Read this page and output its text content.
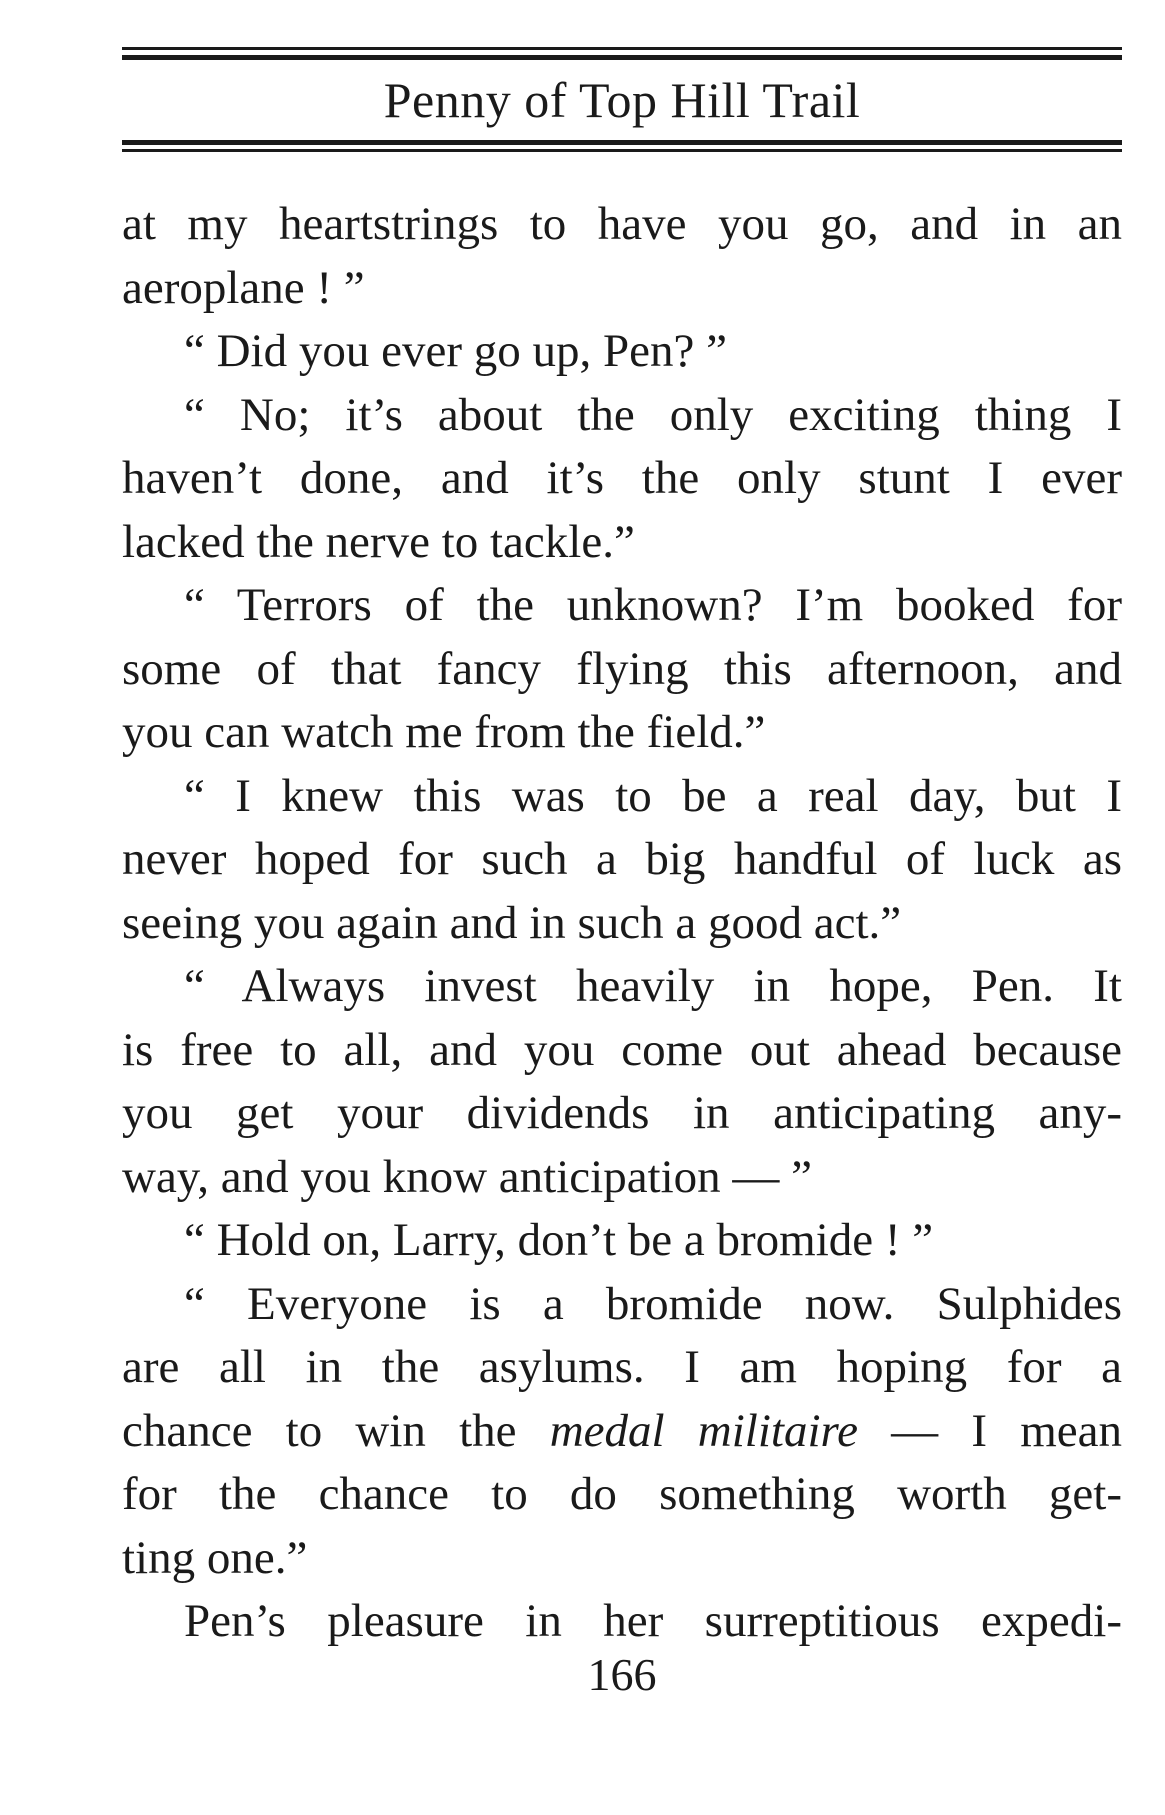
Penny of Top Hill Trail
at my heartstrings to have you go, and in an
aeroplane ! ”
“ Did you ever go up, Pen? ”
“ No; it’s about the only exciting thing I
haven’t done, and it’s the only stunt I ever
lacked the nerve to tackle.”
“ Terrors of the unknown? I’m booked for
some of that fancy flying this afternoon, and
you can watch me from the field.”
“ I knew this was to be a real day, but I
never hoped for such a big handful of luck as
seeing you again and in such a good act.”
“ Always invest heavily in hope, Pen. It
is free to all, and you come out ahead because
you get your dividends in anticipating any-
way, and you know anticipation — ”
“ Hold on, Larry, don’t be a bromide ! ”
“ Everyone is a bromide now. Sulphides
are all in the asylums. I am hoping for a
chance to win the medal militaire — I mean
for the chance to do something worth get-
ting one.”
Pen’s pleasure in her surreptitious expedi-
166
